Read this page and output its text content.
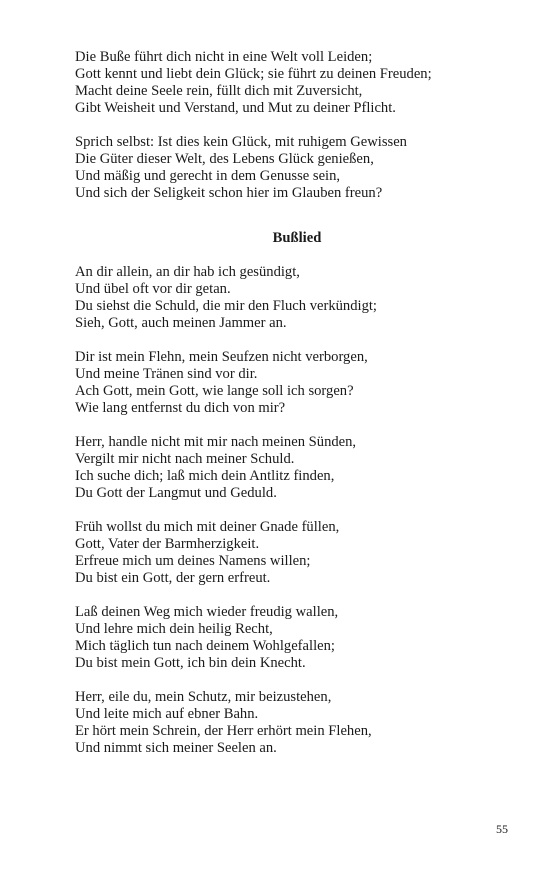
Die Buße führt dich nicht in eine Welt voll Leiden;
Gott kennt und liebt dein Glück; sie führt zu deinen Freuden;
Macht deine Seele rein, füllt dich mit Zuversicht,
Gibt Weisheit und Verstand, und Mut zu deiner Pflicht.
Sprich selbst: Ist dies kein Glück, mit ruhigem Gewissen
Die Güter dieser Welt, des Lebens Glück genießen,
Und mäßig und gerecht in dem Genusse sein,
Und sich der Seligkeit schon hier im Glauben freun?
Bußlied
An dir allein, an dir hab ich gesündigt,
Und übel oft vor dir getan.
Du siehst die Schuld, die mir den Fluch verkündigt;
Sieh, Gott, auch meinen Jammer an.
Dir ist mein Flehn, mein Seufzen nicht verborgen,
Und meine Tränen sind vor dir.
Ach Gott, mein Gott, wie lange soll ich sorgen?
Wie lang entfernst du dich von mir?
Herr, handle nicht mit mir nach meinen Sünden,
Vergilt mir nicht nach meiner Schuld.
Ich suche dich; laß mich dein Antlitz finden,
Du Gott der Langmut und Geduld.
Früh wollst du mich mit deiner Gnade füllen,
Gott, Vater der Barmherzigkeit.
Erfreue mich um deines Namens willen;
Du bist ein Gott, der gern erfreut.
Laß deinen Weg mich wieder freudig wallen,
Und lehre mich dein heilig Recht,
Mich täglich tun nach deinem Wohlgefallen;
Du bist mein Gott, ich bin dein Knecht.
Herr, eile du, mein Schutz, mir beizustehen,
Und leite mich auf ebner Bahn.
Er hört mein Schrein, der Herr erhört mein Flehen,
Und nimmt sich meiner Seelen an.
55
